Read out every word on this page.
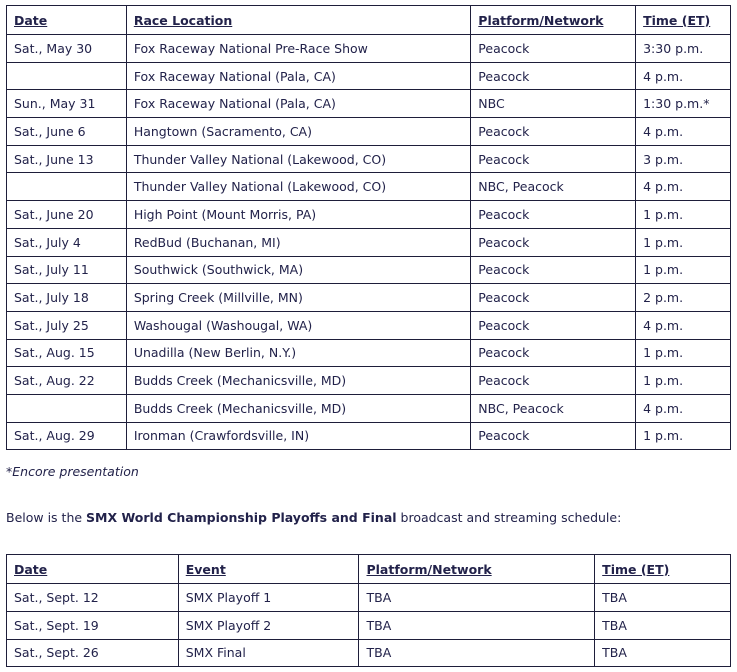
Date	Race Location	Platform/Network	Time (ET)
Sat., May 30	Fox Raceway National Pre-Race Show	Peacock	3:30 p.m.
	Fox Raceway National (Pala, CA)	Peacock	4 p.m.
Sun., May 31	Fox Raceway National (Pala, CA)	NBC	1:30 p.m.*
Sat., June 6	Hangtown (Sacramento, CA)	Peacock	4 p.m.
Sat., June 13	Thunder Valley National (Lakewood, CO)	Peacock	3 p.m.
	Thunder Valley National (Lakewood, CO)	NBC, Peacock	4 p.m.
Sat., June 20	High Point (Mount Morris, PA)	Peacock	1 p.m.
Sat., July 4	RedBud (Buchanan, MI)	Peacock	1 p.m.
Sat., July 11	Southwick (Southwick, MA)	Peacock	1 p.m.
Sat., July 18	Spring Creek (Millville, MN)	Peacock	2 p.m.
Sat., July 25	Washougal (Washougal, WA)	Peacock	4 p.m.
Sat., Aug. 15	Unadilla (New Berlin, N.Y.)	Peacock	1 p.m.
Sat., Aug. 22	Budds Creek (Mechanicsville, MD)	Peacock	1 p.m.
	Budds Creek (Mechanicsville, MD)	NBC, Peacock	4 p.m.
Sat., Aug. 29	Ironman (Crawfordsville, IN)	Peacock	1 p.m.
*Encore presentation
Below is the SMX World Championship Playoffs and Final broadcast and streaming schedule:
Date	Event	Platform/Network	Time (ET)
Sat., Sept. 12	SMX Playoff 1	TBA	TBA
Sat., Sept. 19	SMX Playoff 2	TBA	TBA
Sat., Sept. 26	SMX Final	TBA	TBA
